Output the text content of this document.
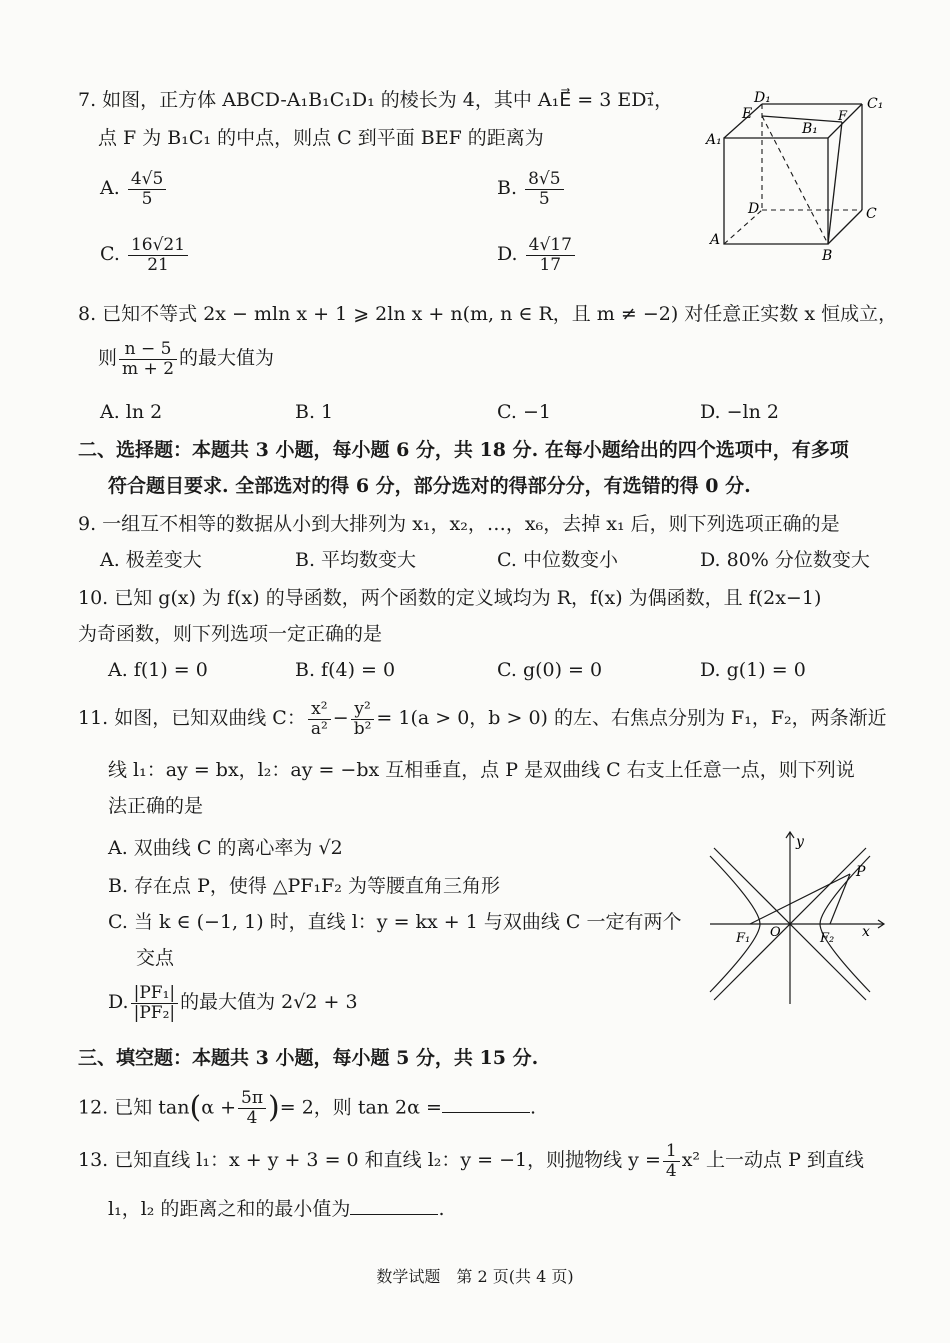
7. 如图，正方体 ABCD-A₁B₁C₁D₁ 的棱长为 4，其中 A₁E⃗ = 3 ED₁⃗，
点 F 为 B₁C₁ 的中点，则点 C 到平面 BEF 的距离为
A. $\frac{4√5}{5}$	B. $\frac{8√5}{5}$
C. $\frac{16√21}{21}$	D. $\frac{4√17}{17}$
D₁
E
C₁
F
A₁
B₁
D	C
A
B
8. 已知不等式 2x − mln x + 1 ⩾ 2ln x + n(m, n ∈ R，且 m ≠ −2) 对任意正实数 x 恒成立，
则 $\frac{n - 5}{m + 2}$ 的最大值为
A. ln 2	B. 1	C. −1	D. −ln 2
二、选择题：本题共 3 小题，每小题 6 分，共 18 分. 在每小题给出的四个选项中，有多项
符合题目要求. 全部选对的得 6 分，部分选对的得部分分，有选错的得 0 分.
9. 一组互不相等的数据从小到大排列为 x₁，x₂，…，x₆，去掉 x₁ 后，则下列选项正确的是
A. 极差变大	B. 平均数变大	C. 中位数变小	D. 80% 分位数变大
10. 已知 g(x) 为 f(x) 的导函数，两个函数的定义域均为 R，f(x) 为偶函数，且 f(2x−1)
为奇函数，则下列选项一定正确的是
A. f(1) = 0	B. f(4) = 0	C. g(0) = 0	D. g(1) = 0
11. 如图，已知双曲线 C： $\frac{\text{x²}}{\text{a²}} - \frac{\text{y²}}{\text{b²}} = 1(a > 0$，b > 0) 的左、右焦点分别为 F₁，F₂，两条渐近
线 l₁：ay = bx，l₂：ay = −bx 互相垂直，点 P 是双曲线 C 右支上任意一点，则下列说
法正确的是
A. 双曲线 C 的离心率为 √2
B. 存在点 P，使得 △PF₁F₂ 为等腰直角三角形
C. 当 k ∈ (−1, 1) 时，直线 l：y = kx + 1 与双曲线 C 一定有两个
交点
D. $\frac{\text{|PF₁|}}{\text{|PF₂|}}$ 的最大值为 2√2 + 3
y
P
F₁ O	F₂ x
三、填空题：本题共 3 小题，每小题 5 分，共 15 分.
12. 已知 $\tan(\alpha + \frac{5\pi}{4}$ )= 2，则 tan 2α =	.
13. 已知直线 l₁：x + y + 3 = 0 和直线 l₂：y = −1，则抛物线 $y = \frac{1}{4} x^2$ 上一动点 P 到直线
l₁，l₂ 的距离之和的最小值为	.
数学试题　第 2 页(共 4 页)
